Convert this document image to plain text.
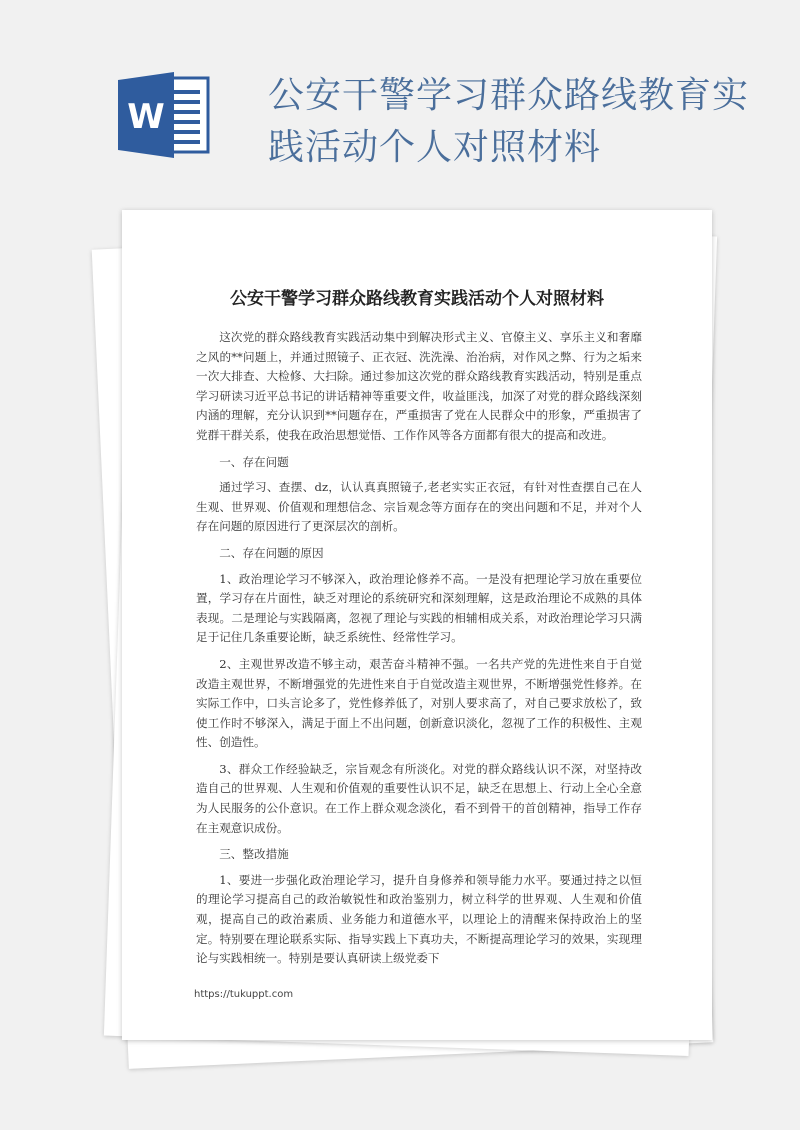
W
公安干警学习群众路线教育实践活动个人对照材料
公安干警学习群众路线教育实践活动个人对照材料

这次党的群众路线教育实践活动集中到解决形式主义、官僚主义、享乐主义和奢靡之风的**问题上，并通过照镜子、正衣冠、洗洗澡、治治病，对作风之弊、行为之垢来一次大排查、大检修、大扫除。通过参加这次党的群众路线教育实践活动，特别是重点学习研读习近平总书记的讲话精神等重要文件，收益匪浅，加深了对党的群众路线深刻内涵的理解，充分认识到**问题存在，严重损害了党在人民群众中的形象，严重损害了党群干群关系，使我在政治思想觉悟、工作作风等各方面都有很大的提高和改进。

一、存在问题

通过学习、查摆、dz，认认真真照镜子,老老实实正衣冠，有针对性查摆自己在人生观、世界观、价值观和理想信念、宗旨观念等方面存在的突出问题和不足，并对个人存在问题的原因进行了更深层次的剖析。

二、存在问题的原因

1、政治理论学习不够深入，政治理论修养不高。一是没有把理论学习放在重要位置，学习存在片面性，缺乏对理论的系统研究和深刻理解，这是政治理论不成熟的具体表现。二是理论与实践隔离，忽视了理论与实践的相辅相成关系，对政治理论学习只满足于记住几条重要论断，缺乏系统性、经常性学习。

2、主观世界改造不够主动，艰苦奋斗精神不强。一名共产党的先进性来自于自觉改造主观世界，不断增强党的先进性来自于自觉改造主观世界，不断增强党性修养。在实际工作中，口头言论多了，党性修养低了，对别人要求高了，对自己要求放松了，致使工作时不够深入，满足于面上不出问题，创新意识淡化，忽视了工作的积极性、主观性、创造性。

3、群众工作经验缺乏，宗旨观念有所淡化。对党的群众路线认识不深，对坚持改造自己的世界观、人生观和价值观的重要性认识不足，缺乏在思想上、行动上全心全意为人民服务的公仆意识。在工作上群众观念淡化，看不到骨干的首创精神，指导工作存在主观意识成份。

三、整改措施

1、要进一步强化政治理论学习，提升自身修养和领导能力水平。要通过持之以恒的理论学习提高自己的政治敏锐性和政治鉴别力，树立科学的世界观、人生观和价值观，提高自己的政治素质、业务能力和道德水平，以理论上的清醒来保持政治上的坚定。特别要在理论联系实际、指导实践上下真功夫，不断提高理论学习的效果，实现理论与实践相统一。特别是要认真研读上级党委下

https://tukuppt.com
